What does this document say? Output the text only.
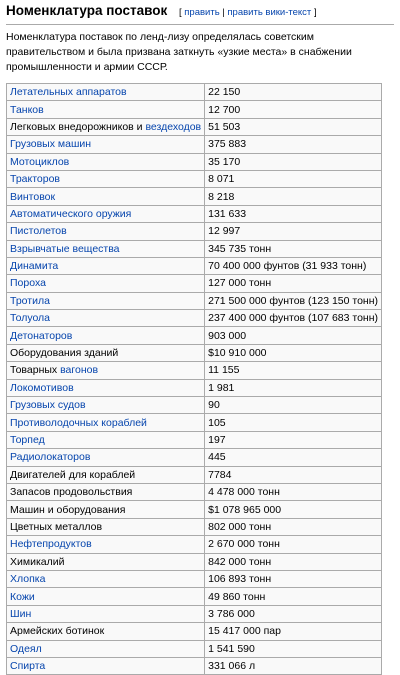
Номенклатура поставок [ править | править вики-текст ]

Номенклатура поставок по ленд-лизу определялась советским правительством и была призвана заткнуть «узкие места» в снабжении промышленности и армии СССР.

Летательных аппаратов	22 150
Танков	12 700
Легковых внедорожников и вездеходов	51 503
Грузовых машин	375 883
Мотоциклов	35 170
Тракторов	8 071
Винтовок	8 218
Автоматического оружия	131 633
Пистолетов	12 997
Взрывчатые вещества	345 735 тонн
Динамита	70 400 000 фунтов (31 933 тонн)
Пороха	127 000 тонн
Тротила	271 500 000 фунтов (123 150 тонн)
Толуола	237 400 000 фунтов (107 683 тонн)
Детонаторов	903 000
Оборудования зданий	$10 910 000
Товарных вагонов	11 155
Локомотивов	1 981
Грузовых судов	90
Противолодочных кораблей	105
Торпед	197
Радиолокаторов	445
Двигателей для кораблей	7784
Запасов продовольствия	4 478 000 тонн
Машин и оборудования	$1 078 965 000
Цветных металлов	802 000 тонн
Нефтепродуктов	2 670 000 тонн
Химикалий	842 000 тонн
Хлопка	106 893 тонн
Кожи	49 860 тонн
Шин	3 786 000
Армейских ботинок	15 417 000 пар
Одеял	1 541 590
Спирта	331 066 л
